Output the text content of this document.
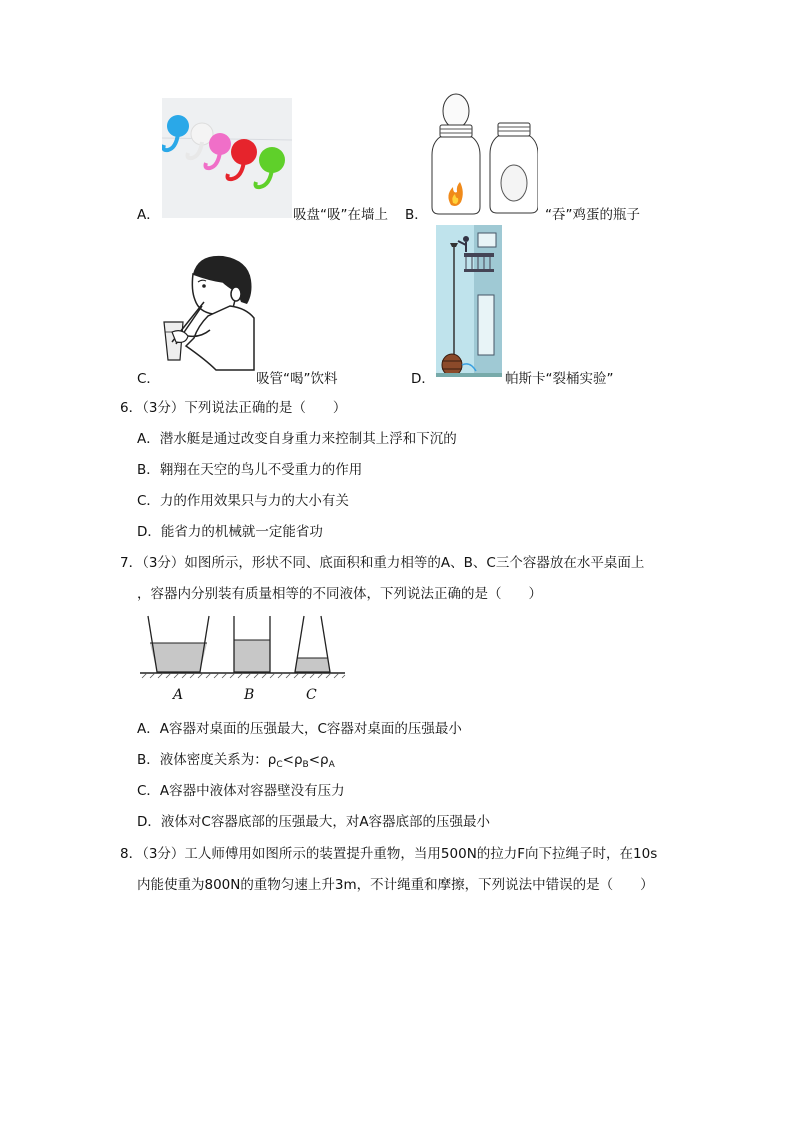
A．	吸盘“吸”在墙上 B．	“吞”鸡蛋的瓶子
C．	吸管“喝”饮料	D．	帕斯卡“裂桶实验”
6．（3分）下列说法正确的是（　　）
A．潜水艇是通过改变自身重力来控制其上浮和下沉的
B．翱翔在天空的鸟儿不受重力的作用
C．力的作用效果只与力的大小有关
D．能省力的机械就一定能省功
7．（3分）如图所示，形状不同、底面积和重力相等的A、B、C三个容器放在水平桌面上
，容器内分别装有质量相等的不同液体，下列说法正确的是（　　）
A	B	C
A．A容器对桌面的压强最大，C容器对桌面的压强最小
B．液体密度关系为：$\rho_C<\rho_B<\rho_A$
C．A容器中液体对容器壁没有压力
D．液体对C容器底部的压强最大，对A容器底部的压强最小
8．（3分）工人师傅用如图所示的装置提升重物，当用500N的拉力F向下拉绳子时，在10s
内能使重为800N的重物匀速上升3m，不计绳重和摩擦，下列说法中错误的是（　　）
